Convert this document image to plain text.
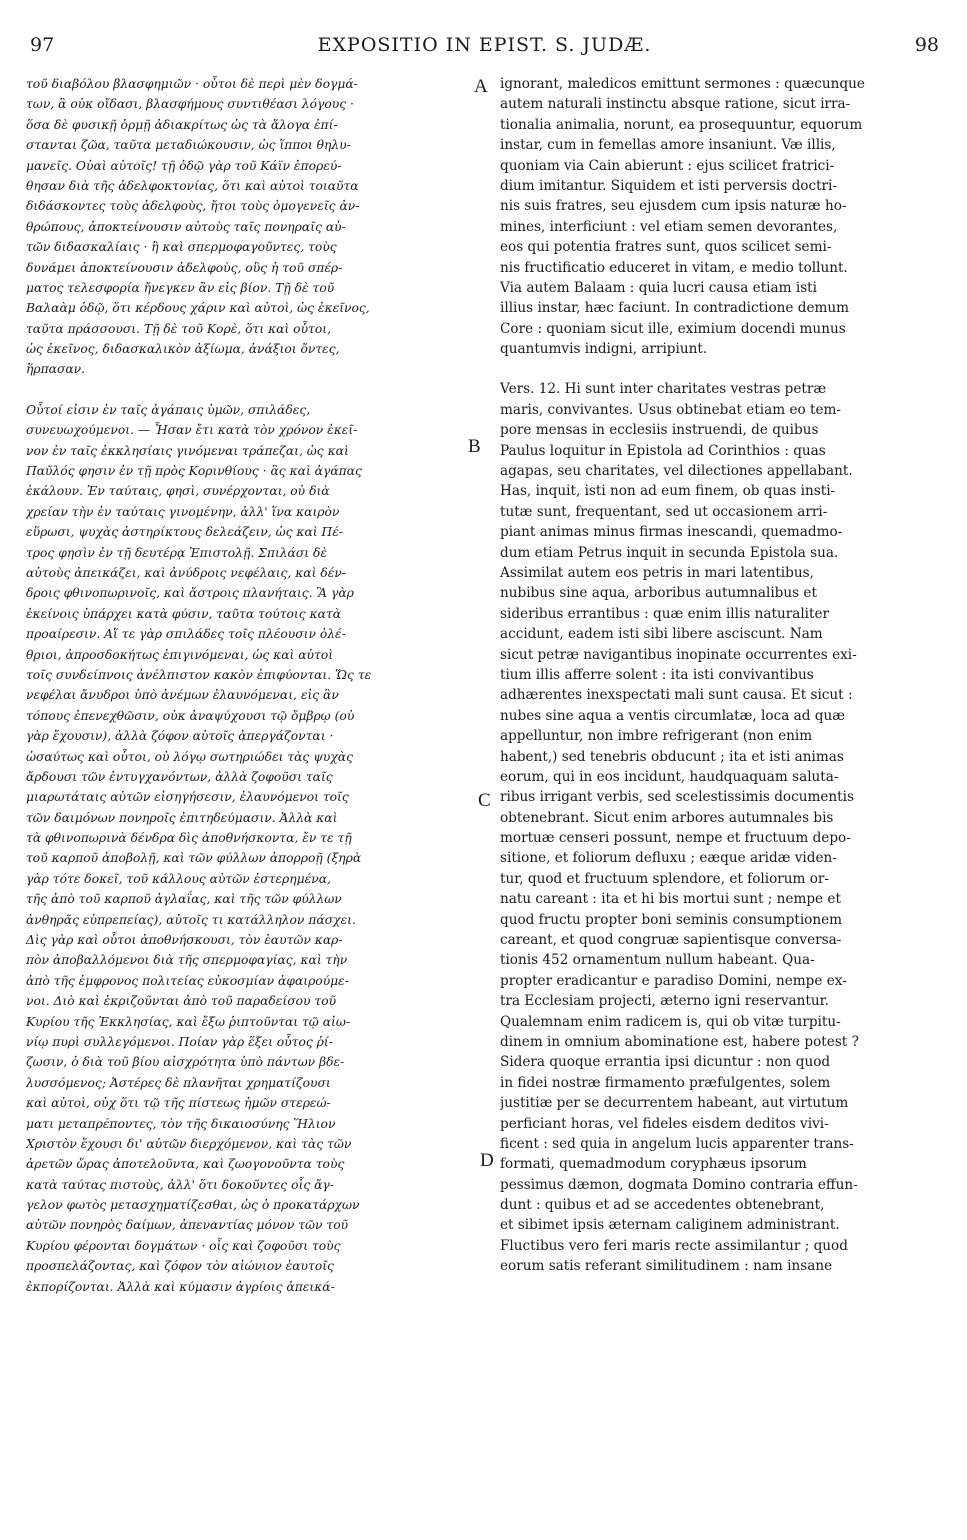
97	EXPOSITIO IN EPIST. S. JUDÆ.	98
τοῦ διαβόλου βλασφημιῶν · οὗτοι δὲ περὶ μὲν δογμά-
των, ἃ οὐκ οἴδασι, βλασφήμους συντιθέασι λόγους ·
ὅσα δὲ φυσικῇ ὁρμῇ ἀδιακρίτως ὡς τὰ ἄλογα ἐπί-
στανται ζῶα, ταῦτα μεταδιώκουσιν, ὡς ἵπποι θηλυ-
μανεῖς. Οὐαὶ αὐτοῖς! τῇ ὁδῷ γὰρ τοῦ Κάϊν ἐπορεύ-
θησαν διὰ τῆς ἀδελφοκτονίας, ὅτι καὶ αὐτοὶ τοιαῦτα
διδάσκοντες τοὺς ἀδελφοὺς, ἤτοι τοὺς ὁμογενεῖς ἀν-
θρώπους, ἀποκτείνουσιν αὐτοὺς ταῖς πονηραῖς αὐ-
τῶν διδασκαλίαις · ἢ καὶ σπερμοφαγοῦντες, τοὺς
δυνάμει ἀποκτείνουσιν ἀδελφοὺς, οὓς ἡ τοῦ σπέρ-
ματος τελεσφορία ἤνεγκεν ἂν εἰς βίον. Τῇ δὲ τοῦ
Βαλαὰμ ὁδῷ, ὅτι κέρδους χάριν καὶ αὐτοὶ, ὡς ἐκεῖνος,
ταῦτα πράσσουσι. Τῇ δὲ τοῦ Κορὲ, ὅτι καὶ οὗτοι,
ὡς ἐκεῖνος, διδασκαλικὸν ἀξίωμα, ἀνάξιοι ὄντες,
ἥρπασαν.
Οὗτοί εἰσιν ἐν ταῖς ἀγάπαις ὑμῶν, σπιλάδες,
συνευωχούμενοι. — Ἦσαν ἔτι κατὰ τὸν χρόνον ἐκεῖ-
νον ἐν ταῖς ἐκκλησίαις γινόμεναι τράπεζαι, ὡς καὶ
Παῦλός φησιν ἐν τῇ πρὸς Κορινθίους · ἃς καὶ ἀγάπας
ἐκάλουν. Ἐν ταύταις, φησὶ, συνέρχονται, οὐ διὰ
χρείαν τὴν ἐν ταύταις γινομένην, ἀλλ' ἵνα καιρὸν
εὕρωσι, ψυχὰς ἀστηρίκτους δελεάζειν, ὡς καὶ Πέ-
τρος φησὶν ἐν τῇ δευτέρᾳ Ἐπιστολῇ. Σπιλάσι δὲ
αὐτοὺς ἀπεικάζει, καὶ ἀνύδροις νεφέλαις, καὶ δέν-
δροις φθινοπωρινοῖς, καὶ ἄστροις πλανήταις. Ἃ γὰρ
ἐκείνοις ὑπάρχει κατὰ φύσιν, ταῦτα τούτοις κατὰ
προαίρεσιν. Αἵ τε γὰρ σπιλάδες τοῖς πλέουσιν ὀλέ-
θριοι, ἀπροσδοκήτως ἐπιγινόμεναι, ὡς καὶ αὐτοὶ
τοῖς συνδείπνοις ἀνέλπιστον κακὸν ἐπιφύονται. Ὥς τε
νεφέλαι ἄνυδροι ὑπὸ ἀνέμων ἐλαυνόμεναι, εἰς ἃν
τόπους ἐπενεχθῶσιν, οὐκ ἀναψύχουσι τῷ ὄμβρῳ (οὐ
γὰρ ἔχουσιν), ἀλλὰ ζόφον αὐτοῖς ἀπεργάζονται ·
ὡσαύτως καὶ οὗτοι, οὐ λόγῳ σωτηριώδει τὰς ψυχὰς
ἄρδουσι τῶν ἐντυγχανόντων, ἀλλὰ ζοφοῦσι ταῖς
μιαρωτάταις αὐτῶν εἰσηγήσεσιν, ἐλαυνόμενοι τοῖς
τῶν δαιμόνων πονηροῖς ἐπιτηδεύμασιν. Ἀλλὰ καὶ
τὰ φθινοπωρινὰ δένδρα δὶς ἀποθνήσκοντα, ἔν τε τῇ
τοῦ καρποῦ ἀποβολῇ, καὶ τῶν φύλλων ἀπορροῇ (ξηρὰ
γὰρ τότε δοκεῖ, τοῦ κάλλους αὐτῶν ἐστερημένα,
τῆς ἀπὸ τοῦ καρποῦ ἀγλαΐας, καὶ τῆς τῶν φύλλων
ἀνθηρᾶς εὐπρεπείας), αὐτοῖς τι κατάλληλον πάσχει.
Δὶς γὰρ καὶ οὗτοι ἀποθνήσκουσι, τὸν ἑαυτῶν καρ-
πὸν ἀποβαλλόμενοι διὰ τῆς σπερμοφαγίας, καὶ τὴν
ἀπὸ τῆς ἐμφρονος πολιτείας εὐκοσμίαν ἀφαιρούμε-
νοι. Διὸ καὶ ἐκριζοῦνται ἀπὸ τοῦ παραδείσου τοῦ
Κυρίου τῆς Ἐκκλησίας, καὶ ἔξω ῥιπτοῦνται τῷ αἰω-
νίῳ πυρὶ συλλεγόμενοι. Ποίαν γὰρ ἕξει οὗτος ῥί-
ζωσιν, ὁ διὰ τοῦ βίου αἰσχρότητα ὑπὸ πάντων βδε-
λυσσόμενος; Ἀστέρες δὲ πλανῆται χρηματίζουσι
καὶ αὐτοὶ, οὐχ ὅτι τῷ τῆς πίστεως ἡμῶν στερεώ-
ματι μεταπρέποντες, τὸν τῆς δικαιοσύνης Ἥλιον
Χριστὸν ἔχουσι δι' αὐτῶν διερχόμενον, καὶ τὰς τῶν
ἀρετῶν ὥρας ἀποτελοῦντα, καὶ ζωογονοῦντα τοὺς
κατὰ ταύτας πιστοὺς, ἀλλ' ὅτι δοκοῦντες οἷς ἄγ-
γελον φωτὸς μετασχηματίζεσθαι, ὡς ὁ προκατάρχων
αὐτῶν πονηρὸς δαίμων, ἀπεναντίας μόνον τῶν τοῦ
Κυρίου φέρονται δογμάτων · οἷς καὶ ζοφοῦσι τοὺς
προσπελάζοντας, καὶ ζόφον τὸν αἰώνιον ἑαυτοῖς
ἐκπορίζονται. Ἀλλὰ καὶ κύμασιν ἀγρίοις ἀπεικά-
A
B
C
D
ignorant, maledicos emittunt sermones : quæcunque
autem naturali instinctu absque ratione, sicut irra-
tionalia animalia, norunt, ea prosequuntur, equorum
instar, cum in femellas amore insaniunt. Væ illis,
quoniam via Cain abierunt : ejus scilicet fratrici-
dium imitantur. Siquidem et isti perversis doctri-
nis suis fratres, seu ejusdem cum ipsis naturæ ho-
mines, interficiunt : vel etiam semen devorantes,
eos qui potentia fratres sunt, quos scilicet semi-
nis fructificatio educeret in vitam, e medio tollunt.
Via autem Balaam : quia lucri causa etiam isti
illius instar, hæc faciunt. In contradictione demum
Core : quoniam sicut ille, eximium docendi munus
quantumvis indigni, arripiunt.
Vers. 12. Hi sunt inter charitates vestras petræ
maris, convivantes. Usus obtinebat etiam eo tem-
pore mensas in ecclesiis instruendi, de quibus
Paulus loquitur in Epistola ad Corinthios : quas
agapas, seu charitates, vel dilectiones appellabant.
Has, inquit, isti non ad eum finem, ob quas insti-
tutæ sunt, frequentant, sed ut occasionem arri-
piant animas minus firmas inescandi, quemadmo-
dum etiam Petrus inquit in secunda Epistola sua.
Assimilat autem eos petris in mari latentibus,
nubibus sine aqua, arboribus autumnalibus et
sideribus errantibus : quæ enim illis naturaliter
accidunt, eadem isti sibi libere asciscunt. Nam
sicut petræ navigantibus inopinate occurrentes exi-
tium illis afferre solent : ita isti convivantibus
adhærentes inexspectati mali sunt causa. Et sicut :
nubes sine aqua a ventis circumlatæ, loca ad quæ
appelluntur, non imbre refrigerant (non enim
habent,) sed tenebris obducunt ; ita et isti animas
eorum, qui in eos incidunt, haudquaquam saluta-
ribus irrigant verbis, sed scelestissimis documentis
obtenebrant. Sicut enim arbores autumnales bis
mortuæ censeri possunt, nempe et fructuum depo-
sitione, et foliorum defluxu ; eæque aridæ viden-
tur, quod et fructuum splendore, et foliorum or-
natu careant : ita et hi bis mortui sunt ; nempe et
quod fructu propter boni seminis consumptionem
careant, et quod congruæ sapientisque conversa-
tionis 452 ornamentum nullum habeant. Qua-
propter eradicantur e paradiso Domini, nempe ex-
tra Ecclesiam projecti, æterno igni reservantur.
Qualemnam enim radicem is, qui ob vitæ turpitu-
dinem in omnium abominatione est, habere potest ?
Sidera quoque errantia ipsi dicuntur : non quod
in fidei nostræ firmamento præfulgentes, solem
justitiæ per se decurrentem habeant, aut virtutum
perficiant horas, vel fideles eisdem deditos vivi-
ficent : sed quia in angelum lucis apparenter trans-
formati, quemadmodum coryphæus ipsorum
pessimus dæmon, dogmata Domino contraria effun-
dunt : quibus et ad se accedentes obtenebrant,
et sibimet ipsis æternam caliginem administrant.
Fluctibus vero feri maris recte assimilantur ; quod
eorum satis referant similitudinem : nam insane
